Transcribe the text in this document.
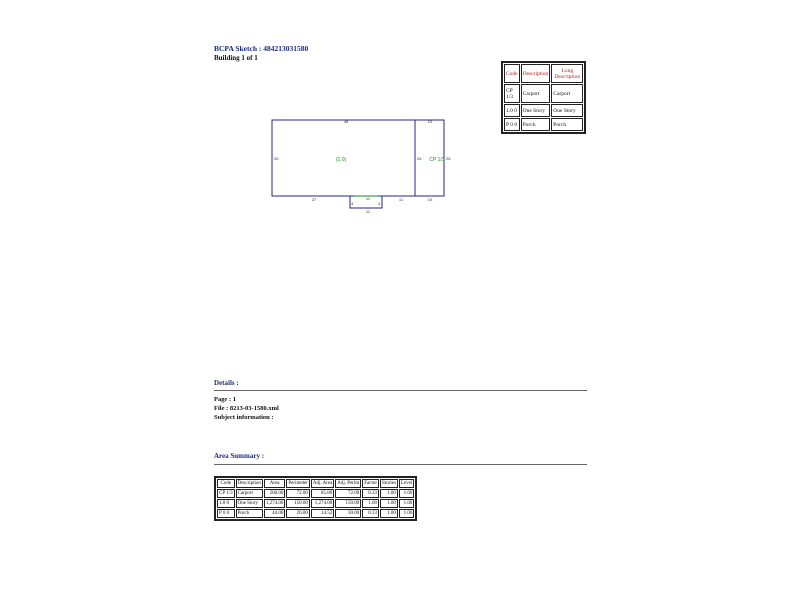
BCPA Sketch : 484213031580
Building 1 of 1
Code	Description	Long Description
CP 1/3	Carport	Carport
1.0 0	One Story	One Story
P 0 0	Porch	Porch
(1.0)	CP 1/3
48	10
26	26	26
27	11	11	10
4	4
11
Details :
Page : 1
File : 8213-03-1580.xml
Subject information :
Area Summary :
Code	Description	Area	Perimeter	Adj. Area	Adj. Perim	Factor	Stories	Level
CP 1/3	Carport	260.00	72.00	85.80	72.00	0.33	1.00	1.00
1.0 0	One Story	1,274.00	150.00	1,274.00	150.00	1.00	1.00	1.00
P 0 0	Porch	44.00	26.00	14.52	30.00	0.33	1.00	1.00
